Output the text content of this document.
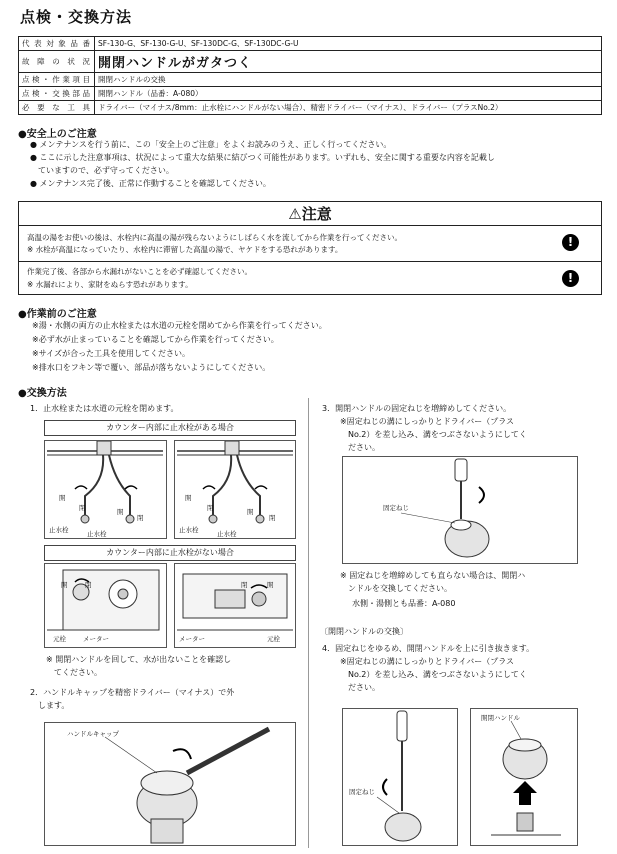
点検・交換方法
代表対象品番	SF-130-G、SF-130-G-U、SF-130DC-G、SF-130DC-G-U
故障の状況	開閉ハンドルがガタつく
点検・作業項目	開閉ハンドルの交換
点検・交換部品	開閉ハンドル（品番：A-080）
必要な工具	ドライバー（マイナス/8mm：止水栓にハンドルがない場合）、精密ドライバー（マイナス）、ドライバー（プラスNo.2）
●安全上のご注意
● メンテナンスを行う前に、この「安全上のご注意」をよくお読みのうえ、正しく行ってください。
● ここに示した注意事項は、状況によって重大な結果に結びつく可能性があります。いずれも、安全に関する重要な内容を記載し
　ていますので、必ず守ってください。
● メンテナンス完了後、正常に作動することを確認してください。
⚠注意
高温の湯をお使いの後は、水栓内に高温の湯が残らないようにしばらく水を流してから作業を行ってください。
※ 水栓が高温になっていたり、水栓内に滞留した高温の湯で、ヤケドをする恐れがあります。
!
作業完了後、各部から水漏れがないことを必ず確認してください。
※ 水漏れにより、家財をぬらす恐れがあります。	!
●作業前のご注意
※湯・水側の両方の止水栓または水道の元栓を閉めてから作業を行ってください。
※必ず水が止まっていることを確認してから作業を行ってください。
※サイズが合った工具を使用してください。
※排水口をフキン等で覆い、部品が落ちないようにしてください。
●交換方法
1．止水栓または水道の元栓を閉めます。
カウンター内部に止水栓がある場合
開
閉	開
閉
止水栓	止水栓
開
閉	開
閉
止水栓	止水栓
カウンター内部に止水栓がない場合
開	閉
元栓	メーター
閉	開
メーター	元栓
※ 開閉ハンドルを回して、水が出ないことを確認し
　てください。
2．ハンドルキャップを精密ドライバー（マイナス）で外
　します。
ハンドルキャップ
3．開閉ハンドルの固定ねじを増締めしてください。
※固定ねじの溝にしっかりとドライバー（プラス
　No.2）を差し込み、溝をつぶさないようにしてく
　ださい。
固定ねじ
※ 固定ねじを増締めしても直らない場合は、開閉ハ
　ンドルを交換してください。
水側・湯側とも品番：A-080
〔開閉ハンドルの交換〕
4．固定ねじをゆるめ、開閉ハンドルを上に引き抜きます。
※固定ねじの溝にしっかりとドライバー（プラス
　No.2）を差し込み、溝をつぶさないようにしてく
　ださい。
固定ねじ
開閉ハンドル
